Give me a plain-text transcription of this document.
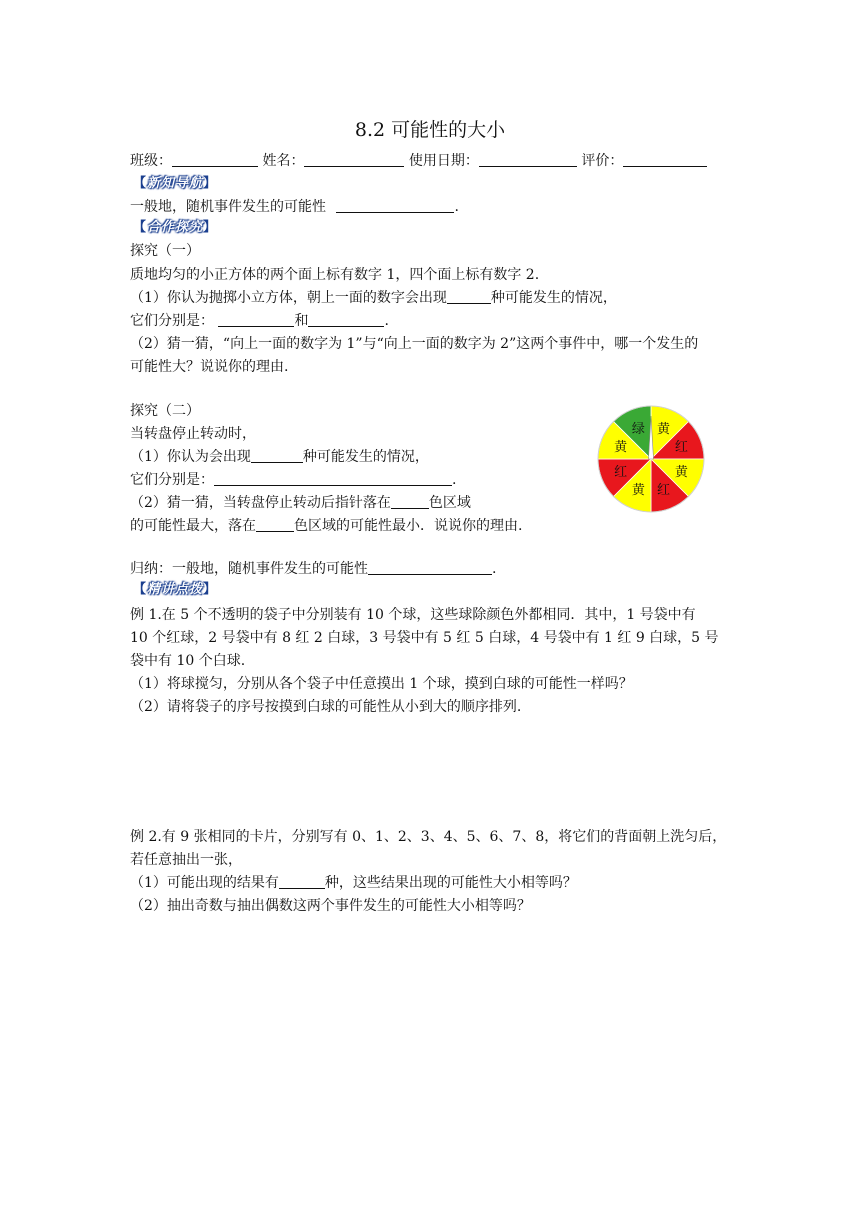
8.2 可能性的大小
班级：	姓名：	使用日期：	评价：
【新知导航】
一般地，随机事件发生的可能性	.
【合作探究】
探究（一）
质地均匀的小正方体的两个面上标有数字 1，四个面上标有数字 2.
（1）你认为抛掷小立方体，朝上一面的数字会出现	种可能发生的情况，
它们分别是：	和	.
（2）猜一猜，“向上一面的数字为 1”与“向上一面的数字为 2”这两个事件中，哪一个发生的
可能性大？说说你的理由.
探究（二）
当转盘停止转动时，
（1）你认为会出现	种可能发生的情况，
它们分别是：	.
（2）猜一猜，当转盘停止转动后指针落在	色区域
的可能性最大，落在	色区域的可能性最小．说说你的理由.
黄
红
黄
红
黄
红
黄
绿
归纳：一般地，随机事件发生的可能性	.
【精讲点拨】
例 1.在 5 个不透明的袋子中分别装有 10 个球，这些球除颜色外都相同．其中，1 号袋中有
10 个红球，2 号袋中有 8 红 2 白球，3 号袋中有 5 红 5 白球，4 号袋中有 1 红 9 白球，5 号
袋中有 10 个白球.
（1）将球搅匀，分别从各个袋子中任意摸出 1 个球，摸到白球的可能性一样吗？
（2）请将袋子的序号按摸到白球的可能性从小到大的顺序排列.
例 2.有 9 张相同的卡片，分别写有 0、1、2、3、4、5、6、7、8，将它们的背面朝上洗匀后，
若任意抽出一张，
（1）可能出现的结果有	种，这些结果出现的可能性大小相等吗？
（2）抽出奇数与抽出偶数这两个事件发生的可能性大小相等吗？
